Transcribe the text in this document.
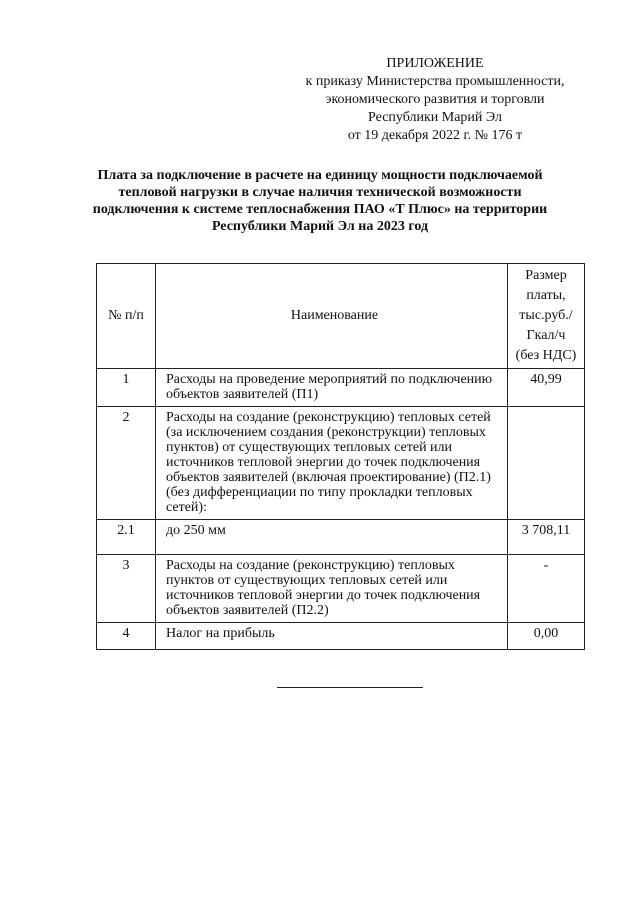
ПРИЛОЖЕНИЕ
к приказу Министерства промышленности,
экономического развития и торговли
Республики Марий Эл
от 19 декабря 2022 г. № 176 т
Плата за подключение в расчете на единицу мощности подключаемой
тепловой нагрузки в случае наличия технической возможности
подключения к системе теплоснабжения ПАО «Т Плюс» на территории
Республики Марий Эл на 2023 год
№ п/п	Наименование	Размер
платы,
тыс.руб./
Гкал/ч
(без НДС)

1	Расходы на проведение мероприятий по подключению объектов заявителей (П1)	40,99
2	Расходы на создание (реконструкцию) тепловых сетей (за исключением создания (реконструкции) тепловых пунктов) от существующих тепловых сетей или источников тепловой энергии до точек подключения объектов заявителей (включая проектирование) (П2.1) (без дифференциации по типу прокладки тепловых сетей):	
2.1	до 250 мм	3 708,11
3	Расходы на создание (реконструкцию) тепловых пунктов от существующих тепловых сетей или источников тепловой энергии до точек подключения объектов заявителей (П2.2)	-
4	Налог на прибыль	0,00
